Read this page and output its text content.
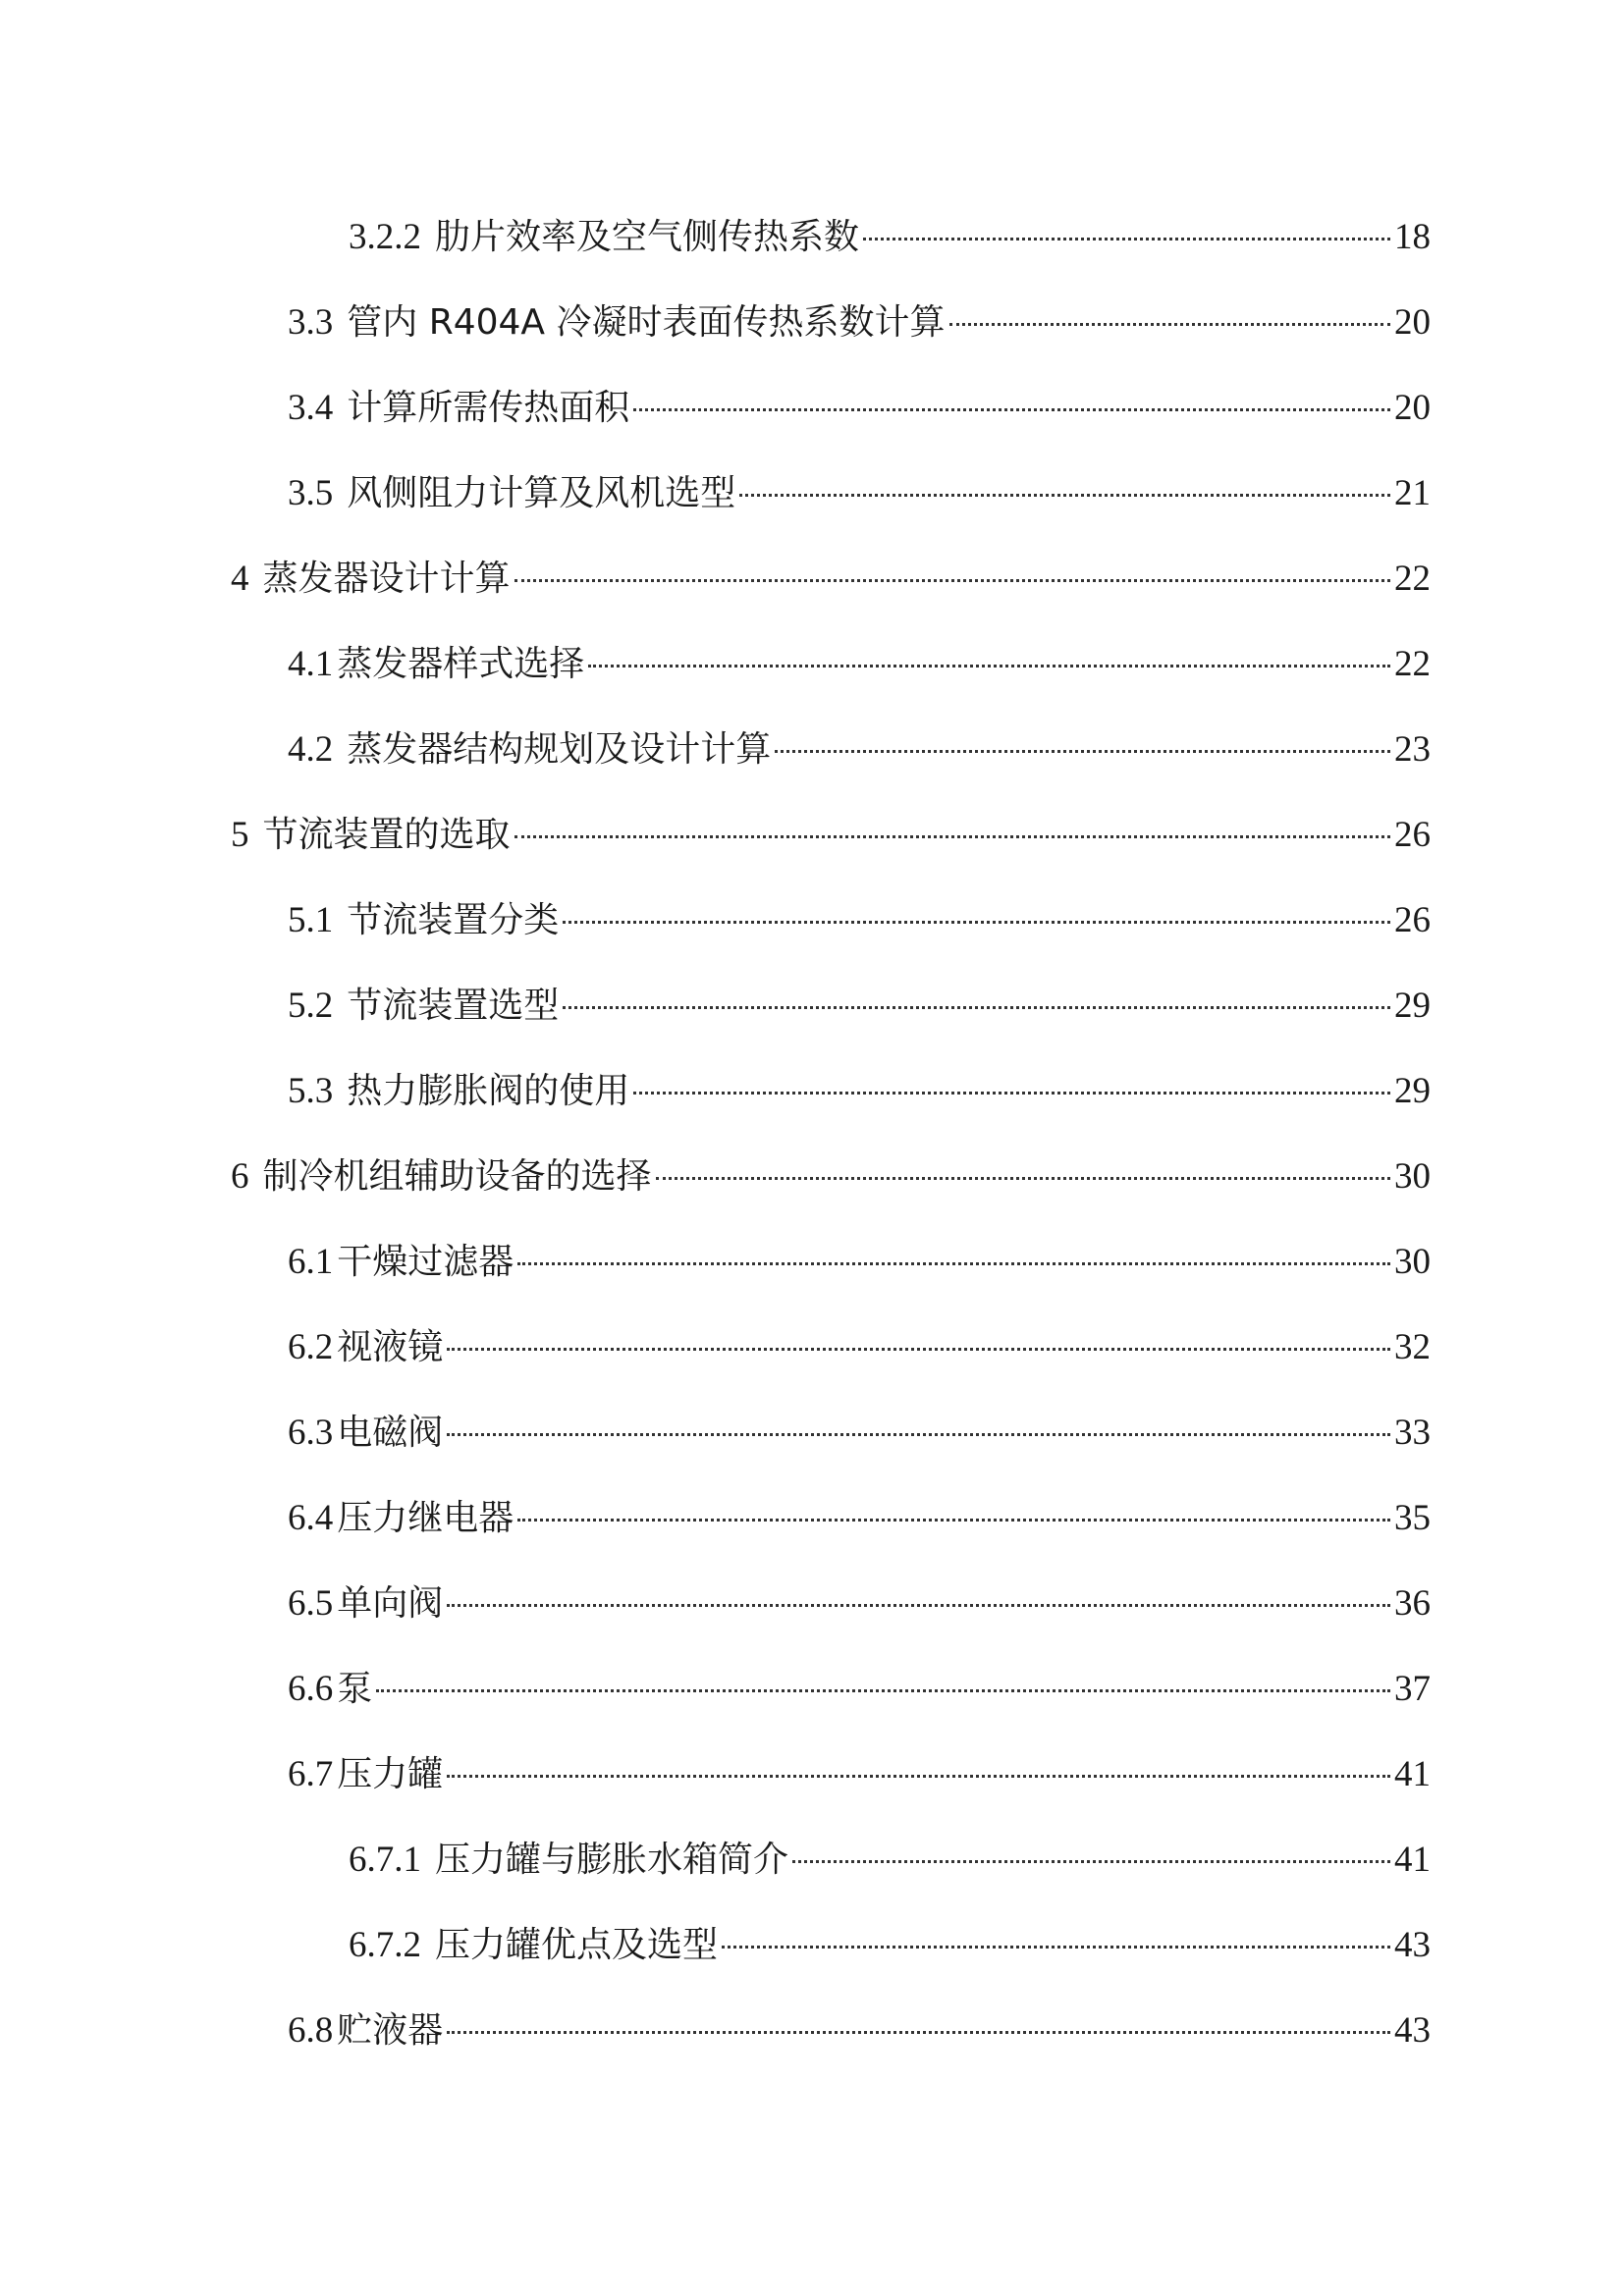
3.2.2 肋片效率及空气侧传热系数	18
3.3 管内 R404A 冷凝时表面传热系数计算	20
3.4 计算所需传热面积	20
3.5 风侧阻力计算及风机选型	21
4 蒸发器设计计算	22
4.1 蒸发器样式选择	22
4.2 蒸发器结构规划及设计计算	23
5 节流装置的选取	26
5.1 节流装置分类	26
5.2 节流装置选型	29
5.3 热力膨胀阀的使用	29
6 制冷机组辅助设备的选择	30
6.1 干燥过滤器	30
6.2 视液镜	32
6.3 电磁阀	33
6.4 压力继电器	35
6.5 单向阀	36
6.6 泵	37
6.7 压力罐	41
6.7.1 压力罐与膨胀水箱简介	41
6.7.2 压力罐优点及选型	43
6.8 贮液器	43
